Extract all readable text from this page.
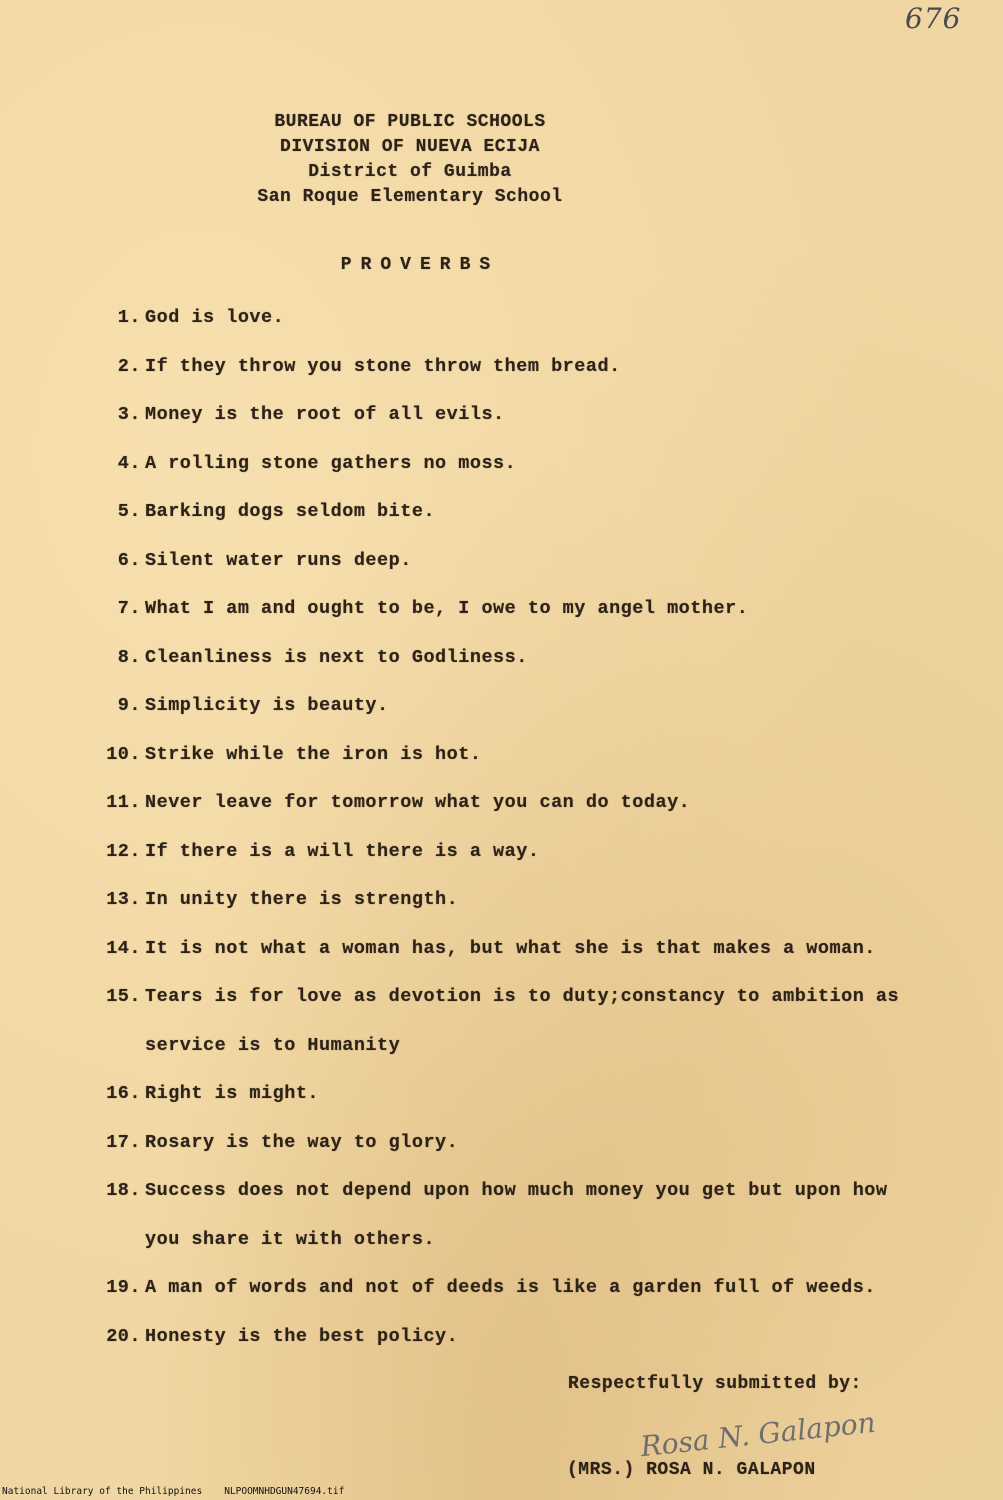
676
BUREAU OF PUBLIC SCHOOLS
DIVISION OF NUEVA ECIJA
District of Guimba
San Roque Elementary School
PROVERBS
1. God is love.
2. If they throw you stone throw them bread.
3. Money is the root of all evils.
4. A rolling stone gathers no moss.
5. Barking dogs seldom bite.
6. Silent water runs deep.
7. What I am and ought to be, I owe to my angel mother.
8. Cleanliness is next to Godliness.
9. Simplicity is beauty.
10. Strike while the iron is hot.
11. Never leave for tomorrow what you can do today.
12. If there is a will there is a way.
13. In unity there is strength.
14. It is not what a woman has, but what she is that makes a woman.
15. Tears is for love as devotion is to duty;constancy to ambition as service is to Humanity
16. Right is might.
17. Rosary is the way to glory.
18. Success does not depend upon how much money you get but upon how you share it with others.
19. A man of words and not of deeds is like a garden full of weeds.
20. Honesty is the best policy.
Respectfully submitted by:
Rosa N. Galapon
(MRS.) ROSA N. GALAPON
National Library of the Philippines NLPOOMNHDGUN47694.tif
